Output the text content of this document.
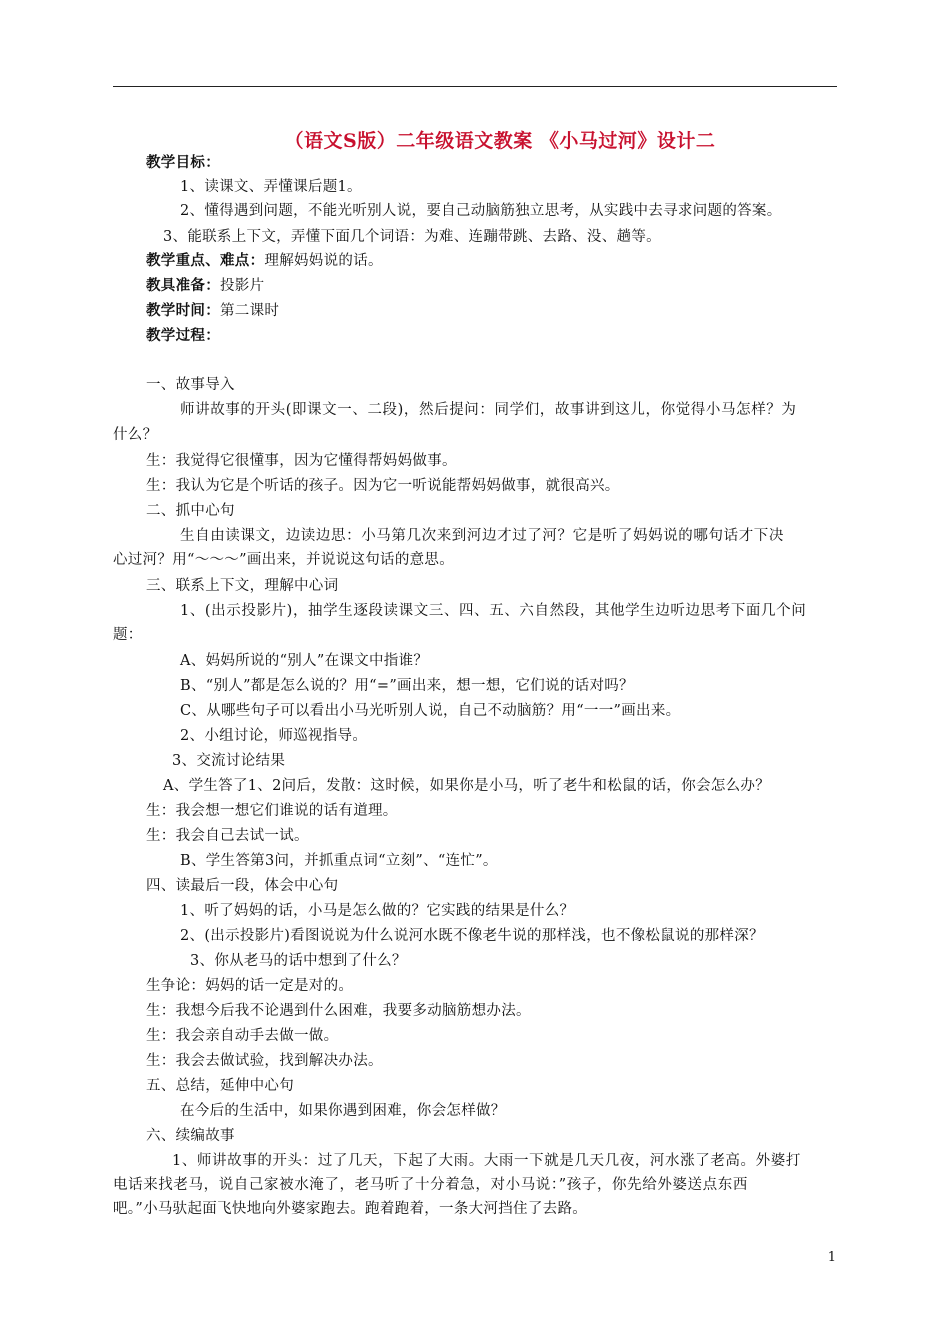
（语文S版）二年级语文教案 《小马过河》设计二
教学目标：
1、读课文、弄懂课后题1。
2、懂得遇到问题，不能光听别人说，要自己动脑筋独立思考，从实践中去寻求问题的答案。
3、能联系上下文，弄懂下面几个词语：为难、连蹦带跳、去路、没、趟等。
教学重点、难点：理解妈妈说的话。
教具准备：投影片
教学时间：第二课时
教学过程：
一、故事导入
师讲故事的开头(即课文一、二段)，然后提问：同学们，故事讲到这儿，你觉得小马怎样？为
什么？
生：我觉得它很懂事，因为它懂得帮妈妈做事。
生：我认为它是个听话的孩子。因为它一听说能帮妈妈做事，就很高兴。
二、抓中心句
生自由读课文，边读边思：小马第几次来到河边才过了河？它是听了妈妈说的哪句话才下决
心过河？用“～～～”画出来，并说说这句话的意思。
三、联系上下文，理解中心词
1、(出示投影片)，抽学生逐段读课文三、四、五、六自然段，其他学生边听边思考下面几个问
题：
A、妈妈所说的“别人”在课文中指谁？
B、“别人”都是怎么说的？用“=”画出来，想一想，它们说的话对吗？
C、从哪些句子可以看出小马光听别人说，自己不动脑筋？用“一一”画出来。
2、小组讨论，师巡视指导。
3、交流讨论结果
A、学生答了1、2问后，发散：这时候，如果你是小马，听了老牛和松鼠的话，你会怎么办？
生：我会想一想它们谁说的话有道理。
生：我会自己去试一试。
B、学生答第3问，并抓重点词“立刻”、“连忙”。
四、读最后一段，体会中心句
1、听了妈妈的话，小马是怎么做的？它实践的结果是什么？
2、(出示投影片)看图说说为什么说河水既不像老牛说的那样浅，也不像松鼠说的那样深？
3、你从老马的话中想到了什么？
生争论：妈妈的话一定是对的。
生：我想今后我不论遇到什么困难，我要多动脑筋想办法。
生：我会亲自动手去做一做。
生：我会去做试验，找到解决办法。
五、总结，延伸中心句
在今后的生活中，如果你遇到困难，你会怎样做？
六、续编故事
1、师讲故事的开头：过了几天，下起了大雨。大雨一下就是几天几夜，河水涨了老高。外婆打
电话来找老马，说自己家被水淹了，老马听了十分着急，对小马说：”孩子，你先给外婆送点东西
吧。”小马驮起面飞快地向外婆家跑去。跑着跑着，一条大河挡住了去路。
1
